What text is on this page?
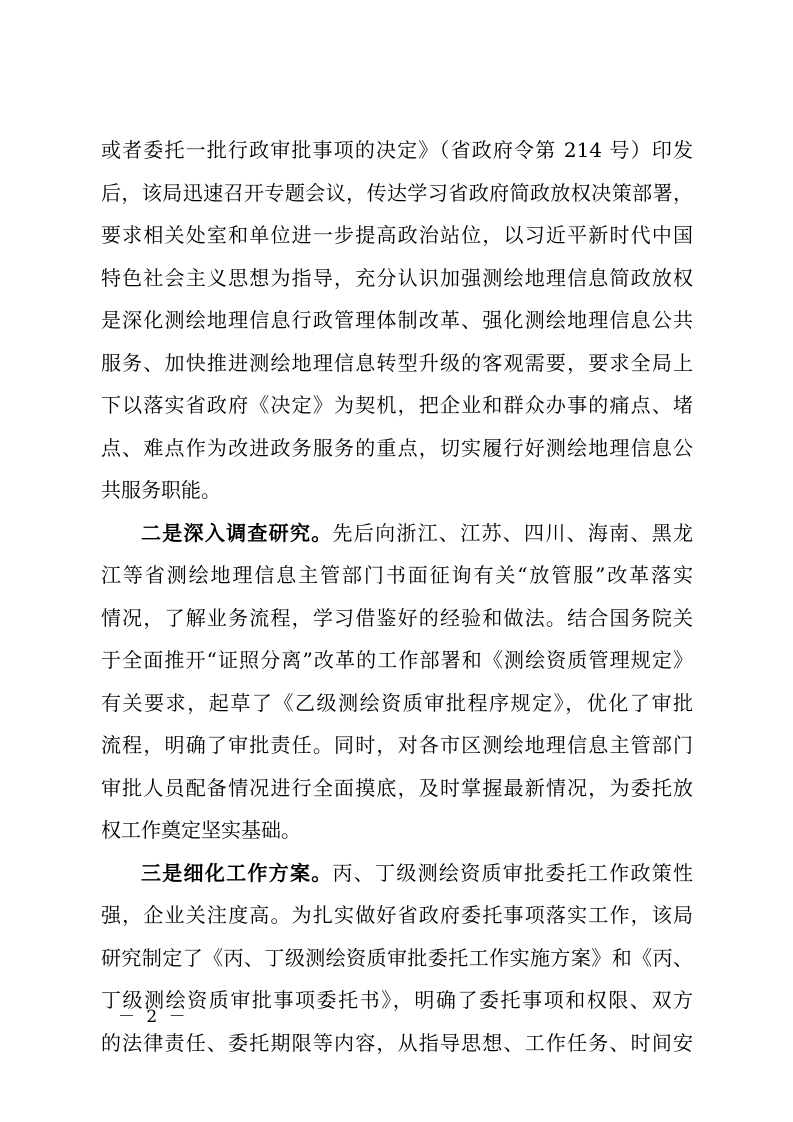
或者委托一批行政审批事项的决定》（省政府令第 214 号）印发
后，该局迅速召开专题会议，传达学习省政府简政放权决策部署，
要求相关处室和单位进一步提高政治站位，以习近平新时代中国
特色社会主义思想为指导，充分认识加强测绘地理信息简政放权
是深化测绘地理信息行政管理体制改革、强化测绘地理信息公共
服务、加快推进测绘地理信息转型升级的客观需要，要求全局上
下以落实省政府《决定》为契机，把企业和群众办事的痛点、堵
点、难点作为改进政务服务的重点，切实履行好测绘地理信息公
共服务职能。
二是深入调查研究。先后向浙江、江苏、四川、海南、黑龙
江等省测绘地理信息主管部门书面征询有关“放管服”改革落实
情况，了解业务流程，学习借鉴好的经验和做法。结合国务院关
于全面推开“证照分离”改革的工作部署和《测绘资质管理规定》
有关要求，起草了《乙级测绘资质审批程序规定》，优化了审批
流程，明确了审批责任。同时，对各市区测绘地理信息主管部门
审批人员配备情况进行全面摸底，及时掌握最新情况，为委托放
权工作奠定坚实基础。
三是细化工作方案。丙、丁级测绘资质审批委托工作政策性
强，企业关注度高。为扎实做好省政府委托事项落实工作，该局
研究制定了《丙、丁级测绘资质审批委托工作实施方案》和《丙、
丁级测绘资质审批事项委托书》，明确了委托事项和权限、双方
的法律责任、委托期限等内容，从指导思想、工作任务、时间安
－ 2 －
